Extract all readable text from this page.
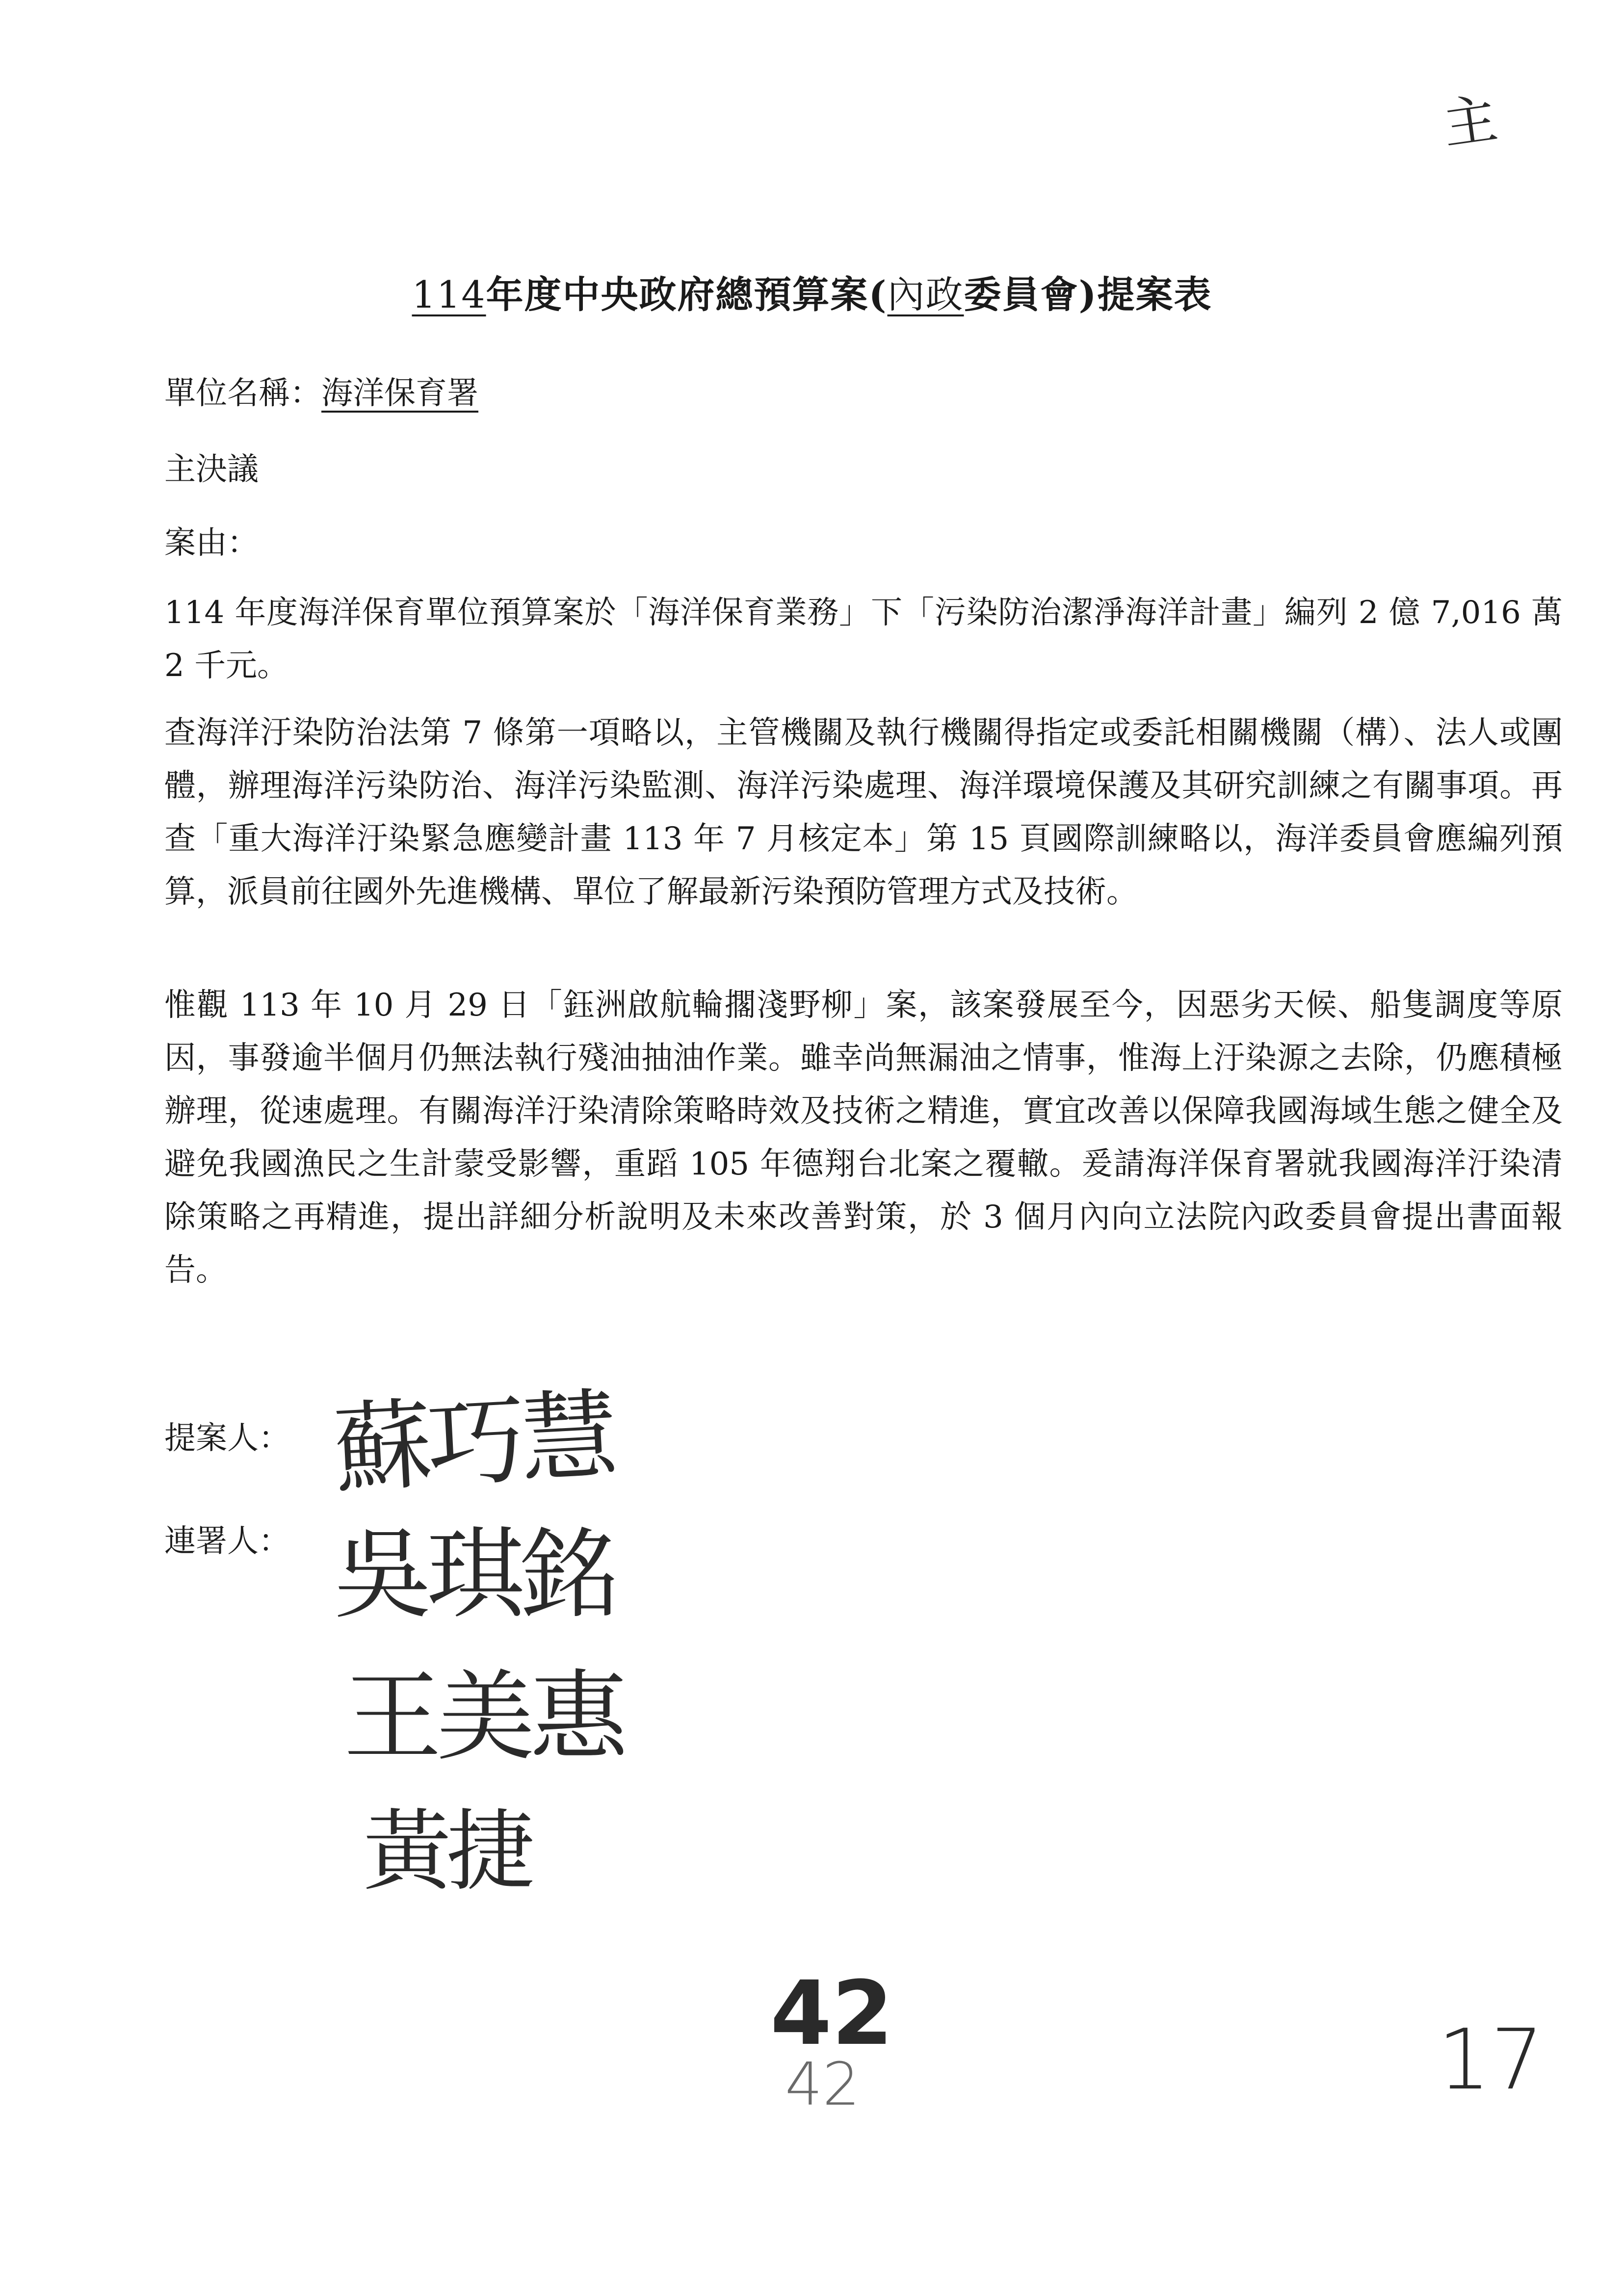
主
114年度中央政府總預算案(內政委員會)提案表
單位名稱：海洋保育署
主決議
案由：
114 年度海洋保育單位預算案於「海洋保育業務」下「污染防治潔淨海洋計畫」編列 2 億 7,016 萬 2 千元。
查海洋汙染防治法第 7 條第一項略以，主管機關及執行機關得指定或委託相關機關（構）、法人或團體，辦理海洋污染防治、海洋污染監測、海洋污染處理、海洋環境保護及其研究訓練之有關事項。再查「重大海洋汙染緊急應變計畫 113 年 7 月核定本」第 15 頁國際訓練略以，海洋委員會應編列預算，派員前往國外先進機構、單位了解最新污染預防管理方式及技術。
惟觀 113 年 10 月 29 日「鈺洲啟航輪擱淺野柳」案，該案發展至今，因惡劣天候、船隻調度等原因，事發逾半個月仍無法執行殘油抽油作業。雖幸尚無漏油之情事，惟海上汙染源之去除，仍應積極辦理，從速處理。有關海洋汙染清除策略時效及技術之精進，實宜改善以保障我國海域生態之健全及避免我國漁民之生計蒙受影響，重蹈 105 年德翔台北案之覆轍。爰請海洋保育署就我國海洋汙染清除策略之再精進，提出詳細分析說明及未來改善對策，於 3 個月內向立法院內政委員會提出書面報告。
提案人： 蘇巧慧
連署人： 吳琪銘
王美惠
黃捷
42
42	17
